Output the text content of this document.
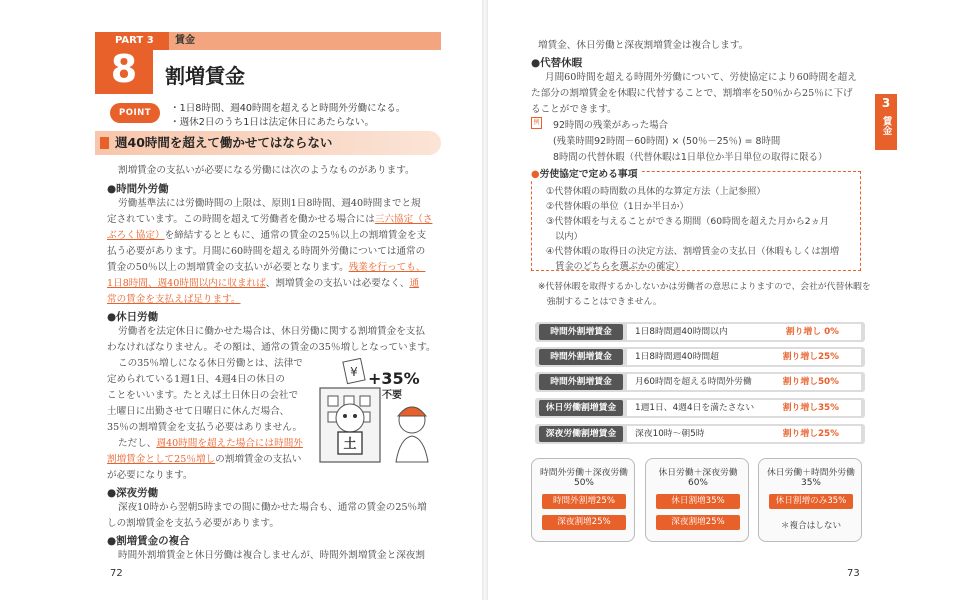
PART 3	賃金
8	割増賃金
POINT	・1日8時間、週40時間を超えると時間外労働になる。
・週休2日のうち1日は法定休日にあたらない。
週40時間を超えて働かせてはならない
割増賃金の支払いが必要になる労働には次のようなものがあります。
●時間外労働
労働基準法には労働時間の上限は、原則1日8時間、週40時間までと規
定されています。この時間を超えて労働者を働かせる場合には三六協定（さ
ぶろく協定）を締結するとともに、通常の賃金の25％以上の割増賃金を支
払う必要があります。月間に60時間を超える時間外労働については通常の
賃金の50％以上の割増賃金の支払いが必要となります。残業を行っても、
1日8時間、週40時間以内に収まれば、割増賃金の支払いは必要なく、通
常の賃金を支払えば足ります。
●休日労働
労働者を法定休日に働かせた場合は、休日労働に関する割増賃金を支払
わなければなりません。その額は、通常の賃金の35％増しとなっています。
この35％増しになる休日労働とは、法律で
定められている1週1日、4週4日の休日の
ことをいいます。たとえば土日休日の会社で
土曜日に出勤させて日曜日に休んだ場合、
35％の割増賃金を支払う必要はありません。
ただし、週40時間を超えた場合には時間外
割増賃金として25％増しの割増賃金の支払い
が必要になります。
●深夜労働
深夜10時から翌朝5時までの間に働かせた場合も、通常の賃金の25％増
しの割増賃金を支払う必要があります。
●割増賃金の複合
時間外割増賃金と休日労働は複合しませんが、時間外割増賃金と深夜割
土
¥ +35%
不要
72
増賃金、休日労働と深夜割増賃金は複合します。
●代替休暇
月間60時間を超える時間外労働について、労使協定により60時間を超え
た部分の割増賃金を休暇に代替することで、割増率を50％から25％に下げ
ることができます。
例 92時間の残業があった場合
(残業時間92時間－60時間) × (50％－25％) = 8時間
8時間の代替休暇（代替休暇は1日単位か半日単位の取得に限る）
3
賃金
●労使協定で定める事項
①代替休暇の時間数の具体的な算定方法（上記参照）
②代替休暇の単位（1日か半日か）
③代替休暇を与えることができる期間（60時間を超えた月から2ヵ月
　以内）
④代替休暇の取得日の決定方法、割増賃金の支払日（休暇もしくは割増
　賃金のどちらを選ぶかの確定）
※代替休暇を取得するかしないかは労働者の意思によりますので、会社が代替休暇を
　強制することはできません。
時間外割増賃金	1日8時間週40時間以内	割り増し 0%
時間外割増賃金	1日8時間週40時間超	割り増し25%
時間外割増賃金	月60時間を超える時間外労働	割り増し50%
休日労働割増賃金	1週1日、4週4日を満たさない	割り増し35%
深夜労働割増賃金	深夜10時〜朝5時	割り増し25%
時間外労働＋深夜労働
50%
時間外割増25%
深夜割増25%
休日労働＋深夜労働
60%
休日割増35%
深夜割増25%
休日労働＋時間外労働
35%
休日割増のみ35%
＊複合はしない
73
